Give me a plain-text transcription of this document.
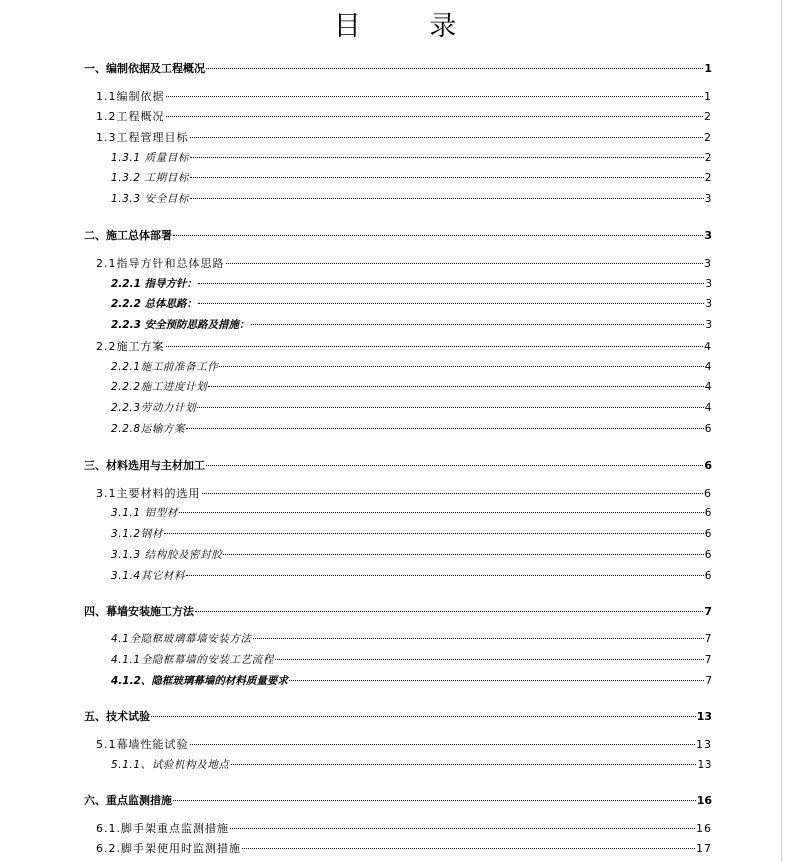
目 录
一、编制依据及工程概况	1
1.1编制依据	1
1.2工程概况	2
1.3工程管理目标	2
1.3.1 质量目标	2
1.3.2 工期目标	2
1.3.3 安全目标	3
二、施工总体部署	3
2.1指导方针和总体思路	3
2.2.1 指导方针：	3
2.2.2 总体思路：	3
2.2.3 安全预防思路及措施：	3
2.2施工方案	4
2.2.1施工前准备工作	4
2.2.2施工进度计划	4
2.2.3劳动力计划	4
2.2.8运输方案	6
三、材料选用与主材加工	6
3.1主要材料的选用	6
3.1.1 铝型材	6
3.1.2钢材	6
3.1.3 结构胶及密封胶	6
3.1.4其它材料	6
四、幕墙安装施工方法	7
4.1全隐框玻璃幕墙安装方法	7
4.1.1全隐框幕墙的安装工艺流程	7
4.1.2、隐框玻璃幕墙的材料质量要求	7
五、技术试验	13
5.1幕墙性能试验	13
5.1.1、试验机构及地点	13
六、重点监测措施	16
6.1.脚手架重点监测措施	16
6.2.脚手架使用时监测措施	17
